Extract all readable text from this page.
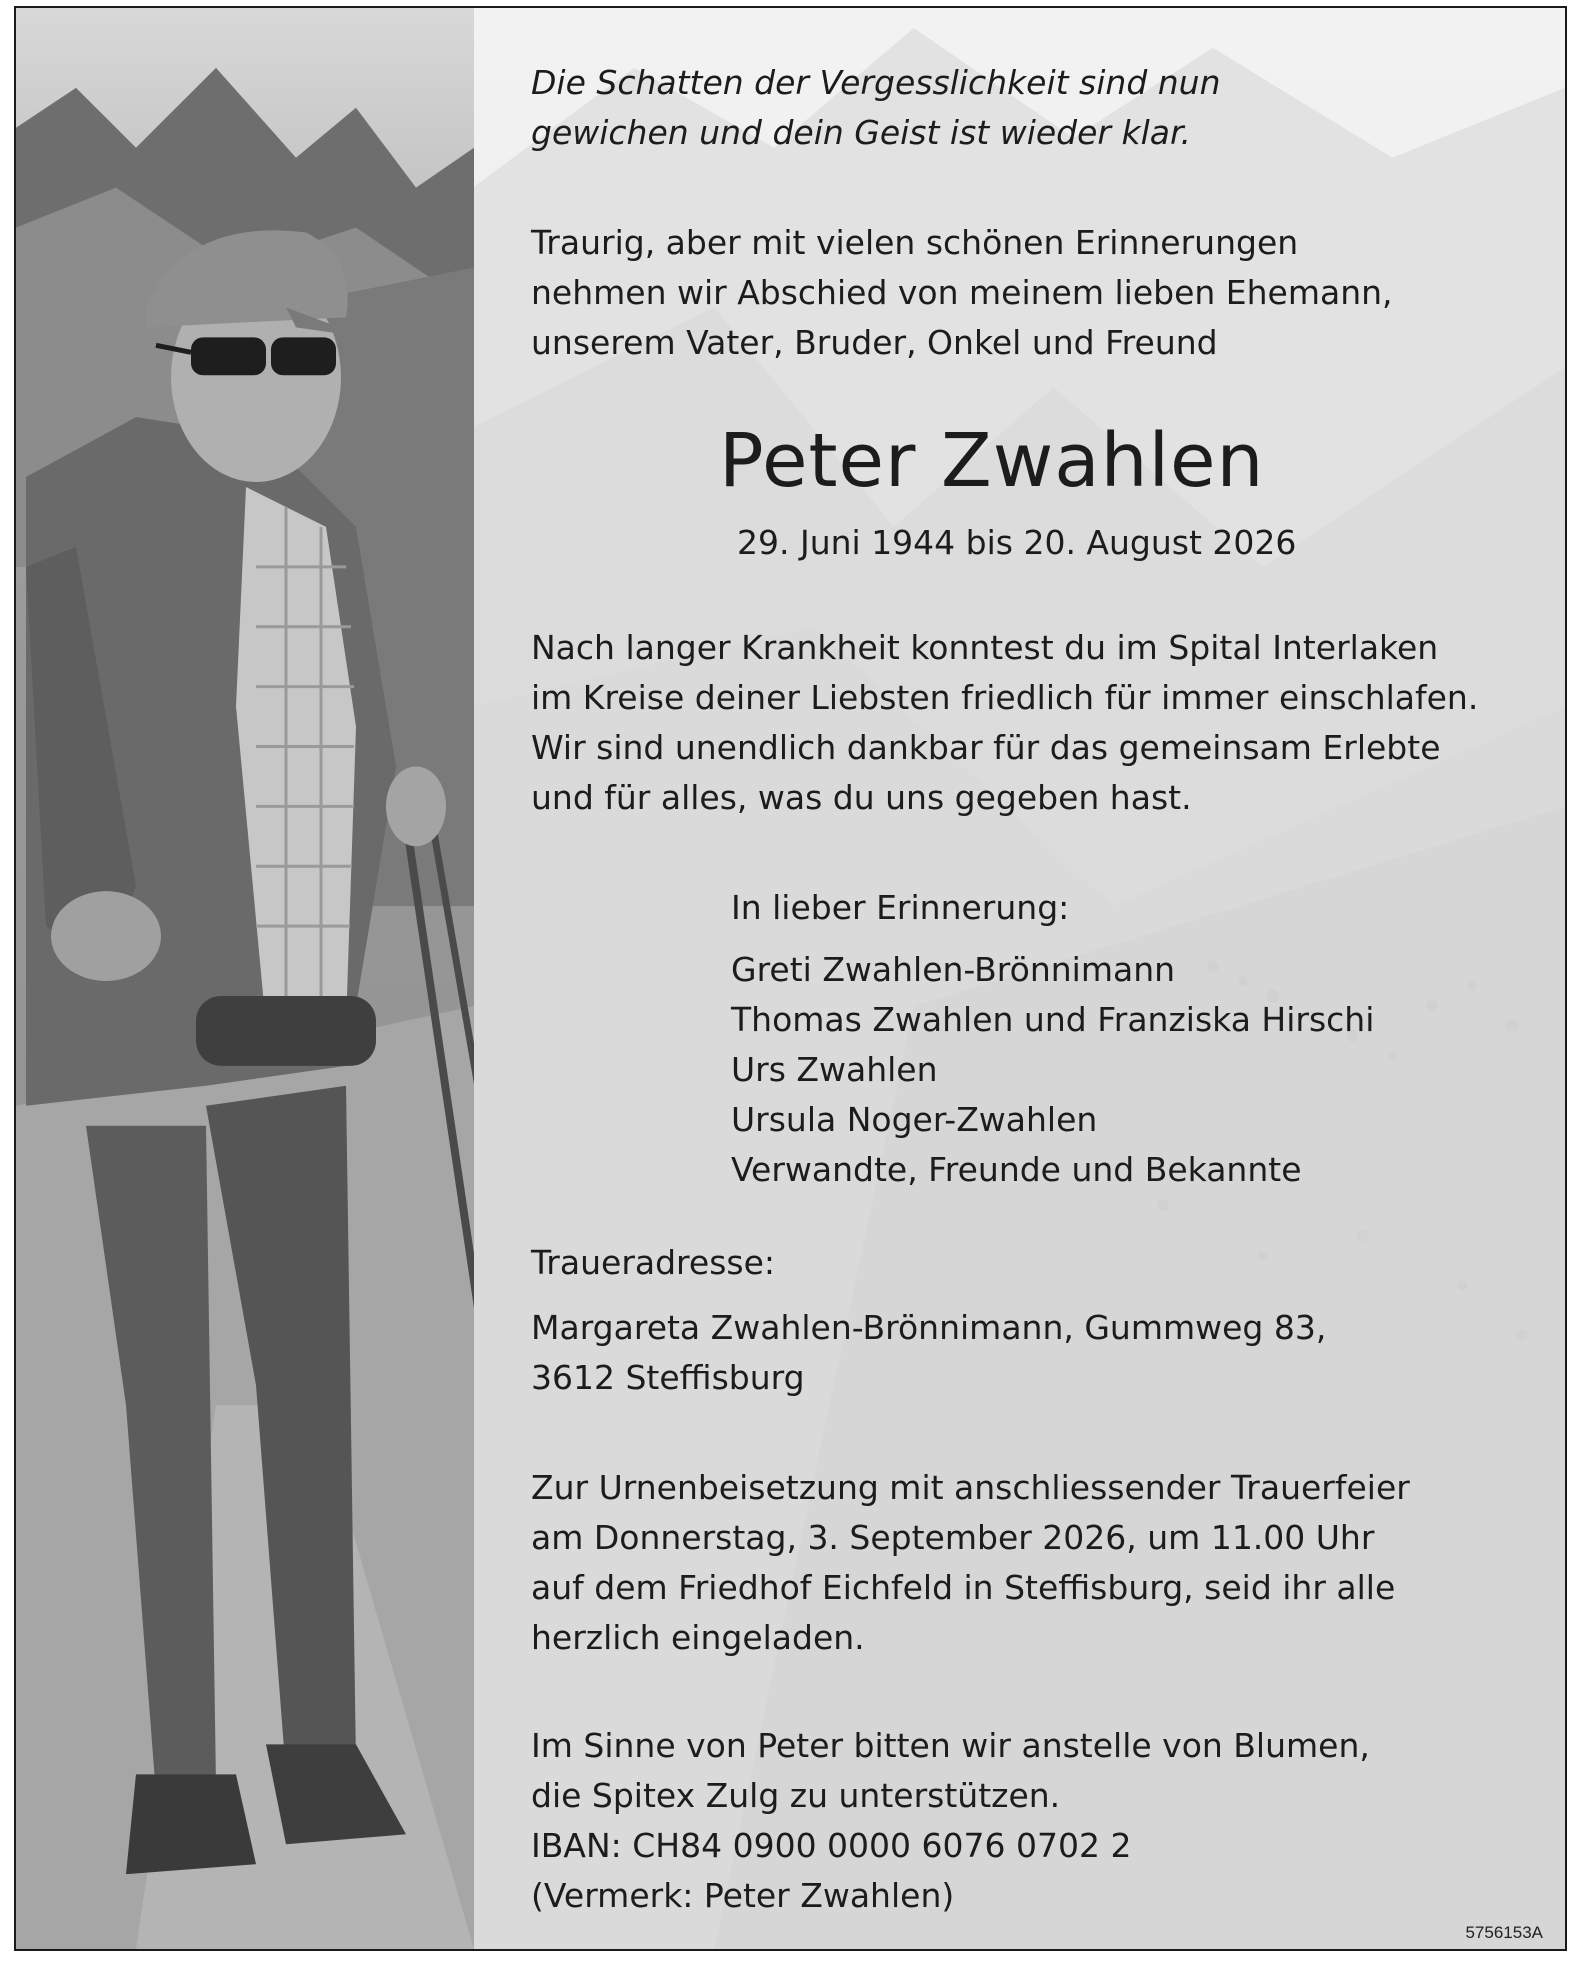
Die Schatten der Vergesslichkeit sind nun
gewichen und dein Geist ist wieder klar.
Traurig, aber mit vielen schönen Erinnerungen
nehmen wir Abschied von meinem lieben Ehemann,
unserem Vater, Bruder, Onkel und Freund
Peter Zwahlen
29. Juni 1944 bis 20. August 2026
Nach langer Krankheit konntest du im Spital Interlaken
im Kreise deiner Liebsten friedlich für immer einschlafen.
Wir sind unendlich dankbar für das gemeinsam Erlebte
und für alles, was du uns gegeben hast.
In lieber Erinnerung:
Greti Zwahlen-Brönnimann
Thomas Zwahlen und Franziska Hirschi
Urs Zwahlen
Ursula Noger-Zwahlen
Verwandte, Freunde und Bekannte
Traueradresse:
Margareta Zwahlen-Brönnimann, Gummweg 83,
3612 Steffisburg
Zur Urnenbeisetzung mit anschliessender Trauerfeier
am Donnerstag, 3. September 2026, um 11.00 Uhr
auf dem Friedhof Eichfeld in Steffisburg, seid ihr alle
herzlich eingeladen.
Im Sinne von Peter bitten wir anstelle von Blumen,
die Spitex Zulg zu unterstützen.
IBAN: CH84 0900 0000 6076 0702 2
(Vermerk: Peter Zwahlen)
5756153A
